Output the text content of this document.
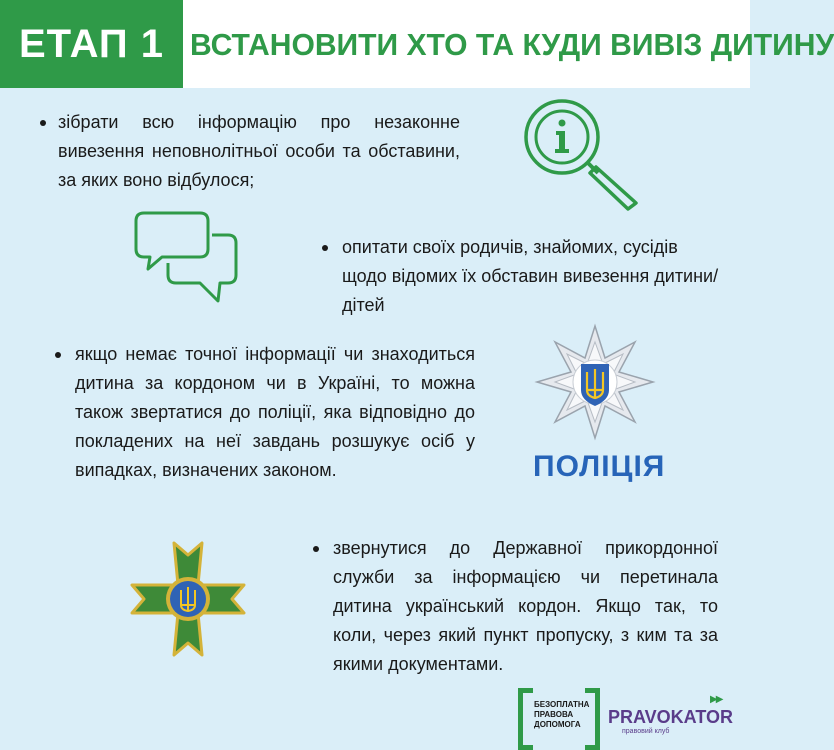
ЕТАП 1 ВСТАНОВИТИ ХТО ТА КУДИ ВИВІЗ ДИТИНУ
зібрати всю інформацію про незаконне вивезення неповнолітньої особи та обставини, за яких воно відбулося;
опитати своїх родичів, знайомих, сусідів щодо відомих їх обставин вивезення дитини/дітей
якщо немає точної інформації чи знаходиться дитина за кордоном чи в Україні, то можна також звертатися до поліції, яка відповідно до покладених на неї завдань розшукує осіб у випадках, визначених законом.	ПОЛІЦІЯ
звернутися до Державної прикордонної служби за інформацією чи перетинала дитина український кордон. Якщо так, то коли, через який пункт пропуску, з ким та за якими документами.
БЕЗОПЛАТНА
ПРАВОВА
ДОПОМОГА
▶▶
PRAVOKATOR
правовий клуб
